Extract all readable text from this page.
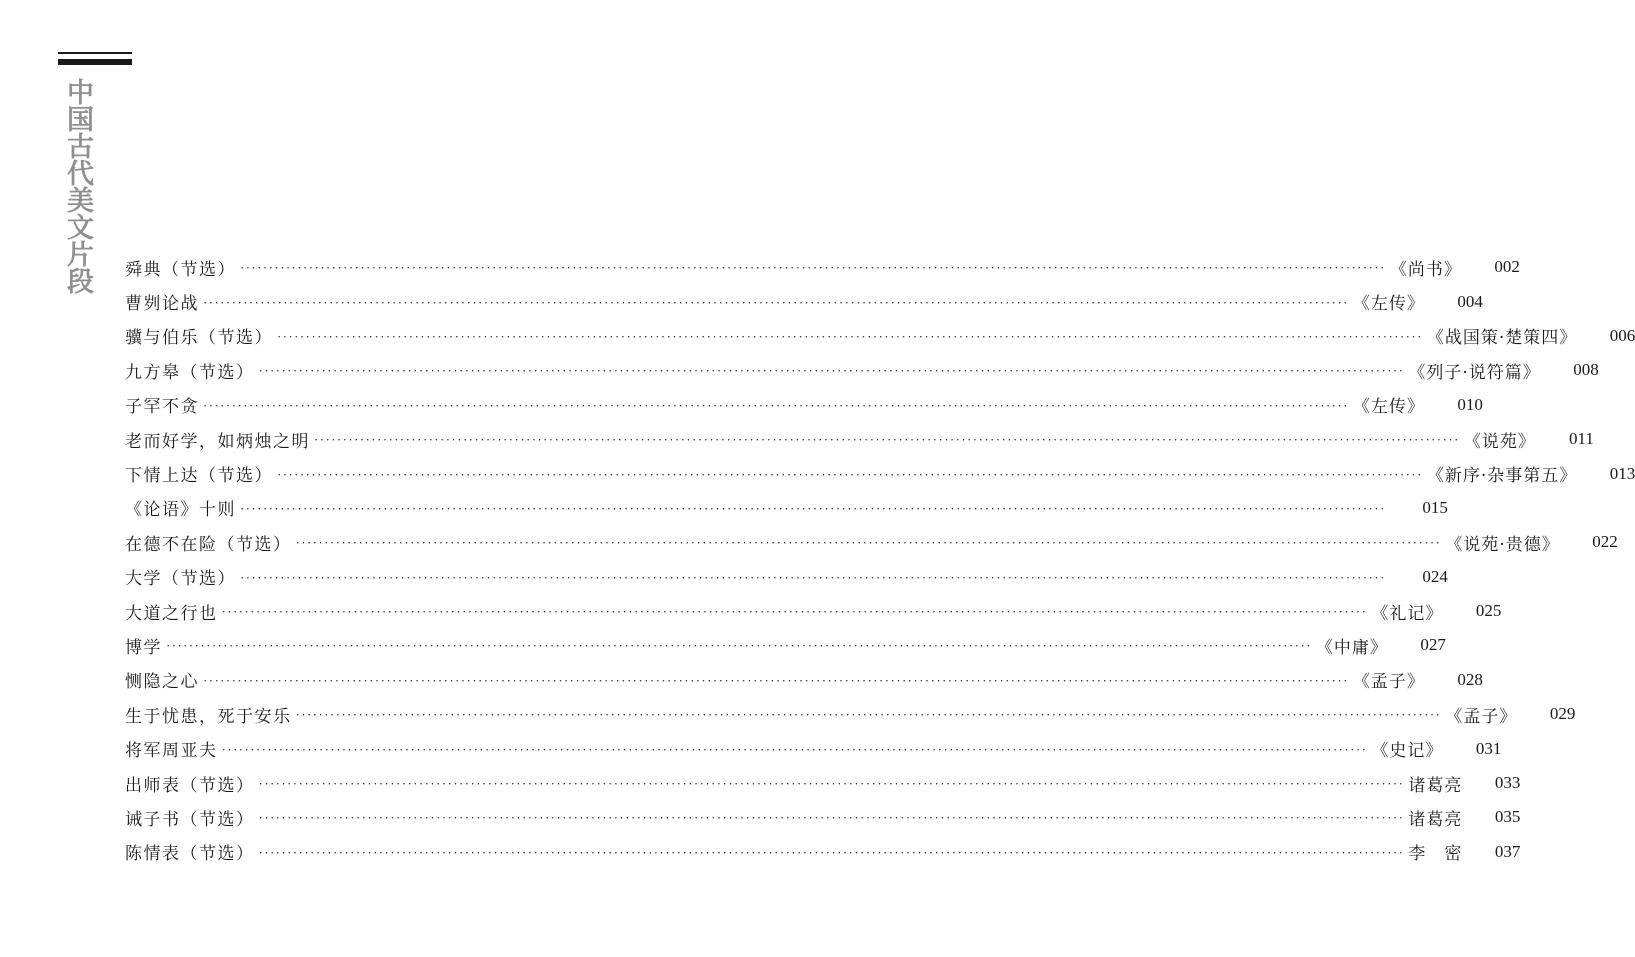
中国古代美文片段 舜典（节选） ········································································································································································································ 《尚书》	002
曹刿论战 ········································································································································································································ 《左传》	004
骥与伯乐（节选） ········································································································································································································ 《战国策·楚策四》	006
九方皋（节选） ········································································································································································································ 《列子·说符篇》	008
子罕不贪 ········································································································································································································ 《左传》	010
老而好学，如炳烛之明 ········································································································································································································ 《说苑》	011
下情上达（节选） ········································································································································································································ 《新序·杂事第五》	013
《论语》十则 ········································································································································································································	015
在德不在险（节选） ········································································································································································································ 《说苑·贵德》	022
大学（节选） ········································································································································································································	024
大道之行也 ········································································································································································································ 《礼记》	025
博学 ········································································································································································································ 《中庸》	027
恻隐之心 ········································································································································································································ 《孟子》	028
生于忧患，死于安乐 ········································································································································································································ 《孟子》	029
将军周亚夫 ········································································································································································································ 《史记》	031
出师表（节选） ········································································································································································································ 诸葛亮	033
诫子书（节选） ········································································································································································································ 诸葛亮	035
陈情表（节选） ········································································································································································································ 李　密	037
